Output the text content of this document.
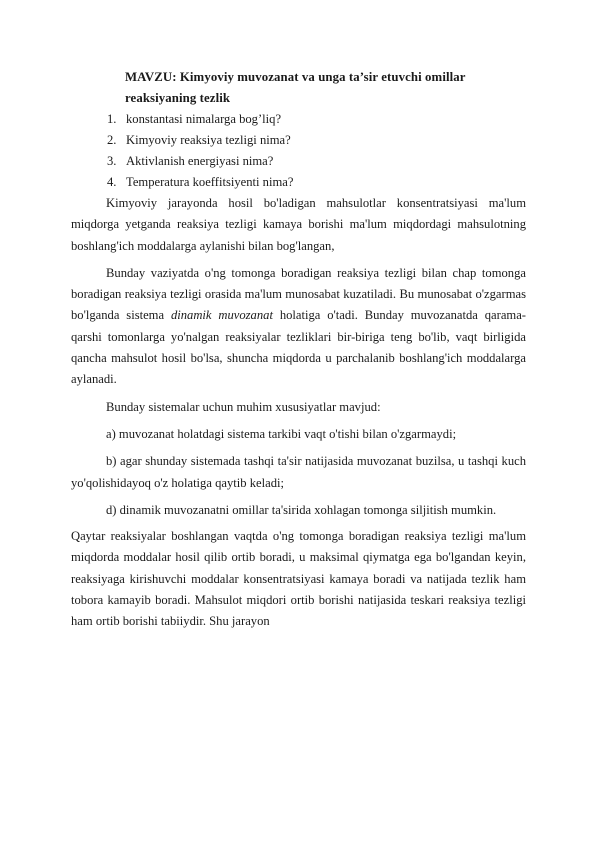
MAVZU: Kimyoviy muvozanat va unga ta’sir etuvchi omillar reaksiyaning tezlik

1. konstantasi nimalarga bog’liq?
2. Kimyoviy reaksiya tezligi nima?
3. Aktivlanish energiyasi nima?
4. Temperatura koeffitsiyenti nima?

Kimyoviy jarayonda hosil bo'ladigan mahsulotlar konsentratsiyasi ma'lum miqdorga yetganda reaksiya tezligi kamaya borishi ma'lum miqdordagi mahsulotning boshlang'ich moddalarga aylanishi bilan bog'langan,

Bunday vaziyatda o'ng tomonga boradigan reaksiya tezligi bilan chap tomonga boradigan reaksiya tezligi orasida ma'lum munosabat kuzatiladi. Bu munosabat o'zgarmas bo'lganda sistema dinamik muvozanat holatiga o'tadi. Bunday muvozanatda qarama-qarshi tomonlarga yo'nalgan reaksiyalar tezliklari bir-biriga teng bo'lib, vaqt birligida qancha mahsulot hosil bo'lsa, shuncha miqdorda u parchalanib boshlang'ich moddalarga aylanadi.

Bunday sistemalar uchun muhim xususiyatlar mavjud:

a) muvozanat holatdagi sistema tarkibi vaqt o'tishi bilan o'zgarmaydi;

b) agar shunday sistemada tashqi ta'sir natijasida muvozanat buzilsa, u tashqi kuch yo'qolishidayoq o'z holatiga qaytib keladi;

d) dinamik muvozanatni omillar ta'sirida xohlagan tomonga siljitish mumkin.

Qaytar reaksiyalar boshlangan vaqtda o'ng tomonga boradigan reaksiya tezligi ma'lum miqdorda moddalar hosil qilib ortib boradi, u maksimal qiymatga ega bo'lgandan keyin, reaksiyaga kirishuvchi moddalar konsentratsiyasi kamaya boradi va natijada tezlik ham tobora kamayib boradi. Mahsulot miqdori ortib borishi natijasida teskari reaksiya tezligi ham ortib borishi tabiiydir. Shu jarayon
